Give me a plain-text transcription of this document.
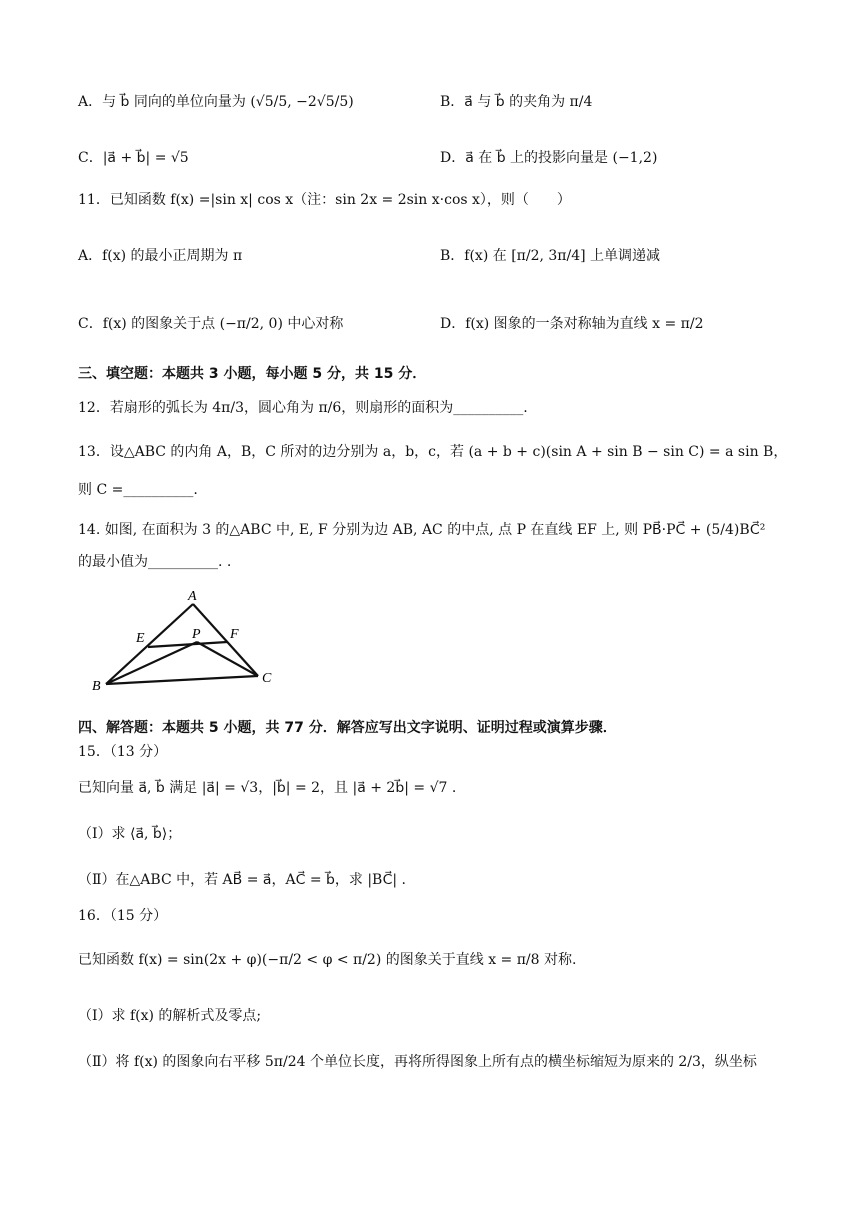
A．与 b⃗ 同向的单位向量为 (√5/5, −2√5/5)	B．a⃗ 与 b⃗ 的夹角为 π/4
C．|a⃗ + b⃗| = √5	D．a⃗ 在 b⃗ 上的投影向量是 (−1,2)
11．已知函数 f(x) =|sin x| cos x（注：sin 2x = 2sin x·cos x），则（　　）
A．f(x) 的最小正周期为 π	B．f(x) 在 [π/2, 3π/4] 上单调递减
C．f(x) 的图象关于点 (−π/2, 0) 中心对称	D．f(x) 图象的一条对称轴为直线 x = π/2
三、填空题：本题共 3 小题，每小题 5 分，共 15 分．
12．若扇形的弧长为 4π/3，圆心角为 π/6，则扇形的面积为__________.
13．设△ABC 的内角 A，B，C 所对的边分别为 a，b，c，若 (a + b + c)(sin A + sin B − sin C) = a sin B，
则 C =__________.
14. 如图, 在面积为 3 的△ABC 中, E, F 分别为边 AB, AC 的中点, 点 P 在直线 EF 上, 则 PB⃗·PC⃗ + (5/4)BC⃗²
的最小值为__________. .
A
E	P F
B
C
四、解答题：本题共 5 小题，共 77 分．解答应写出文字说明、证明过程或演算步骤．
15．（13 分）
已知向量 a⃗, b⃗ 满足 |a⃗| = √3，|b⃗| = 2，且 |a⃗ + 2b⃗| = √7 .
（Ⅰ）求 ⟨a⃗, b⃗⟩；
（Ⅱ）在△ABC 中，若 AB⃗ = a⃗，AC⃗ = b⃗，求 |BC⃗| .
16．（15 分）
已知函数 f(x) = sin(2x + φ)(−π/2 < φ < π/2) 的图象关于直线 x = π/8 对称.
（Ⅰ）求 f(x) 的解析式及零点;
（Ⅱ）将 f(x) 的图象向右平移 5π/24 个单位长度，再将所得图象上所有点的横坐标缩短为原来的 2/3，纵坐标
